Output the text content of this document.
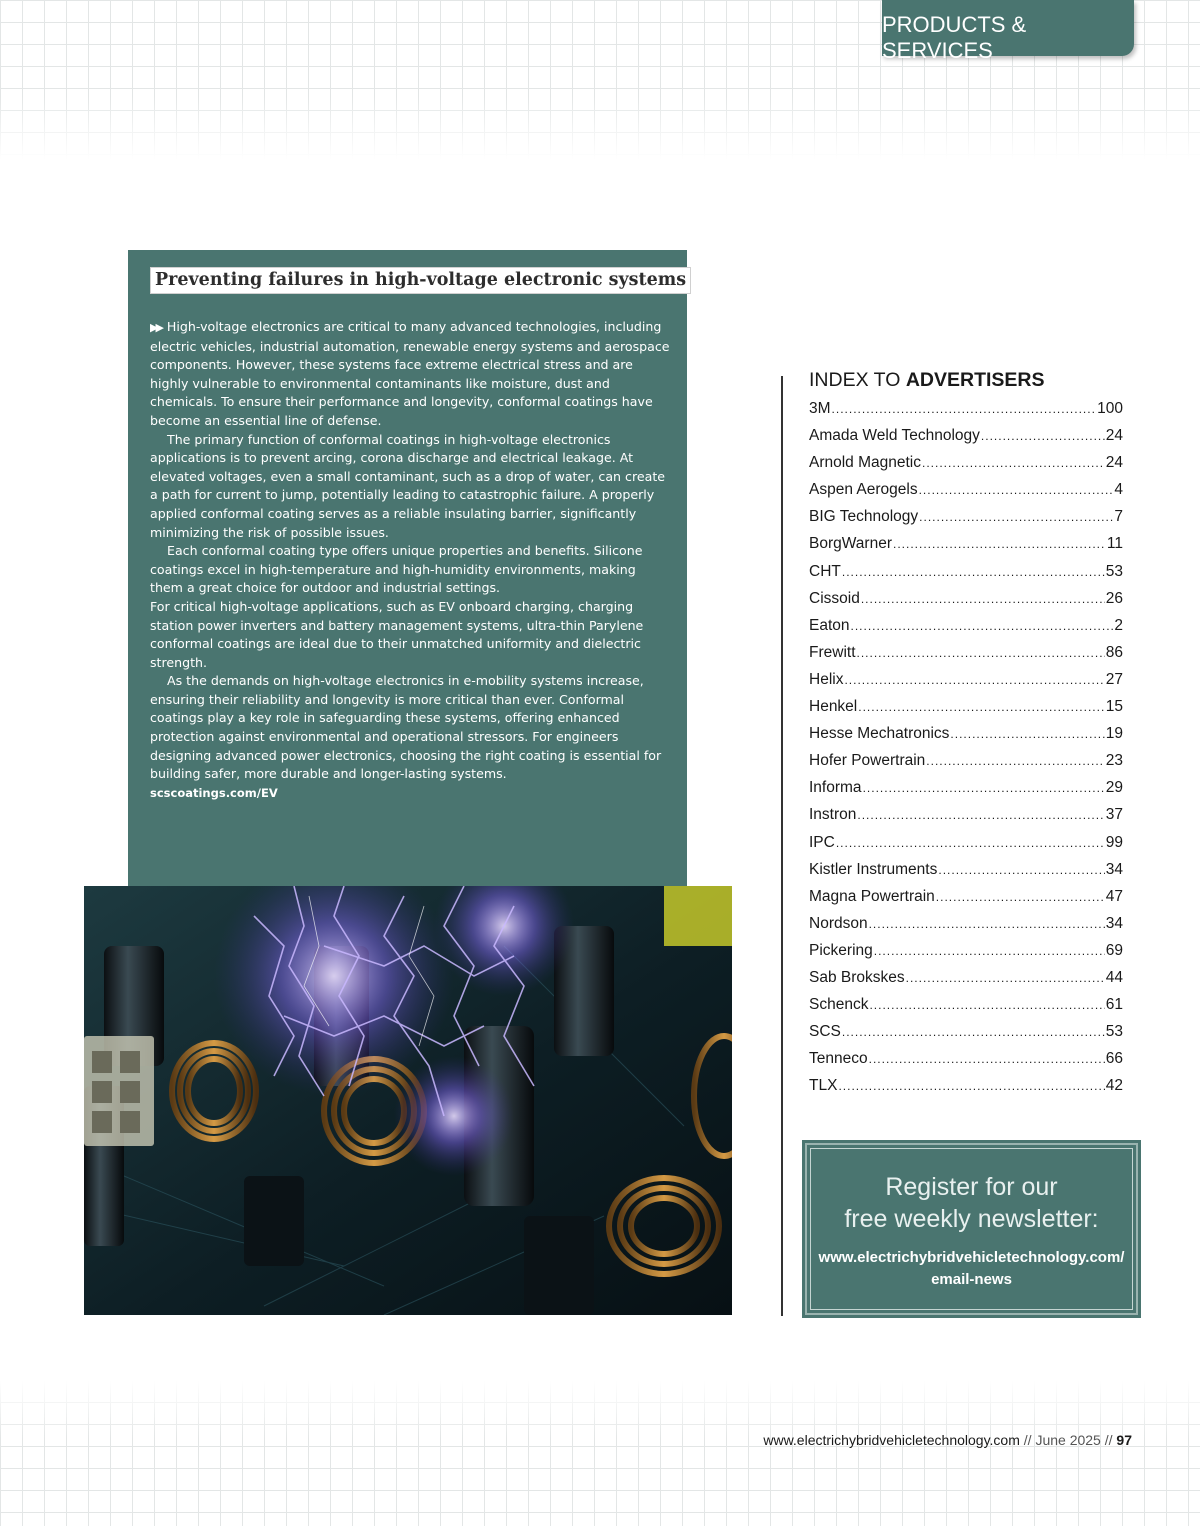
PRODUCTS & SERVICES
Preventing failures in high-voltage electronic systems

▶▶ High-voltage electronics are critical to many advanced technologies, including electric vehicles, industrial automation, renewable energy systems and aerospace components. However, these systems face extreme electrical stress and are highly vulnerable to environmental contaminants like moisture, dust and chemicals. To ensure their performance and longevity, conformal coatings have become an essential line of defense.

The primary function of conformal coatings in high-voltage electronics applications is to prevent arcing, corona discharge and electrical leakage. At elevated voltages, even a small contaminant, such as a drop of water, can create a path for current to jump, potentially leading to catastrophic failure. A properly applied conformal coating serves as a reliable insulating barrier, significantly minimizing the risk of possible issues.

Each conformal coating type offers unique properties and benefits. Silicone coatings excel in high-temperature and high-humidity environments, making them a great choice for outdoor and industrial settings.

For critical high-voltage applications, such as EV onboard charging, charging station power inverters and battery management systems, ultra-thin Parylene conformal coatings are ideal due to their unmatched uniformity and dielectric strength.

As the demands on high-voltage electronics in e-mobility systems increase, ensuring their reliability and longevity is more critical than ever. Conformal coatings play a key role in safeguarding these systems, offering enhanced protection against environmental and operational stressors. For engineers designing advanced power electronics, choosing the right coating is essential for building safer, more durable and longer-lasting systems.

scscoatings.com/EV

INDEX TO ADVERTISERS
3M .....	100
Amada Weld Technology .....	24
Arnold Magnetic .....	24
Aspen Aerogels .....	4
BIG Technology .....	7
BorgWarner .....	11
CHT .....	53
Cissoid .....	26
Eaton .....	2
Frewitt .....	86
Helix .....	27
Henkel .....	15
Hesse Mechatronics .....	19
Hofer Powertrain .....	23
Informa .....	29
Instron .....	37
IPC .....	99
Kistler Instruments .....	34
Magna Powertrain .....	47
Nordson .....	34
Pickering .....	69
Sab Brokskes .....	44
Schenck .....	61
SCS .....	53
Tenneco .....	66
TLX .....	42
Register for our
free weekly newsletter:
www.electrichybridvehicletechnology.com/
email-news
www.electrichybridvehicletechnology.com // June 2025 // 97
